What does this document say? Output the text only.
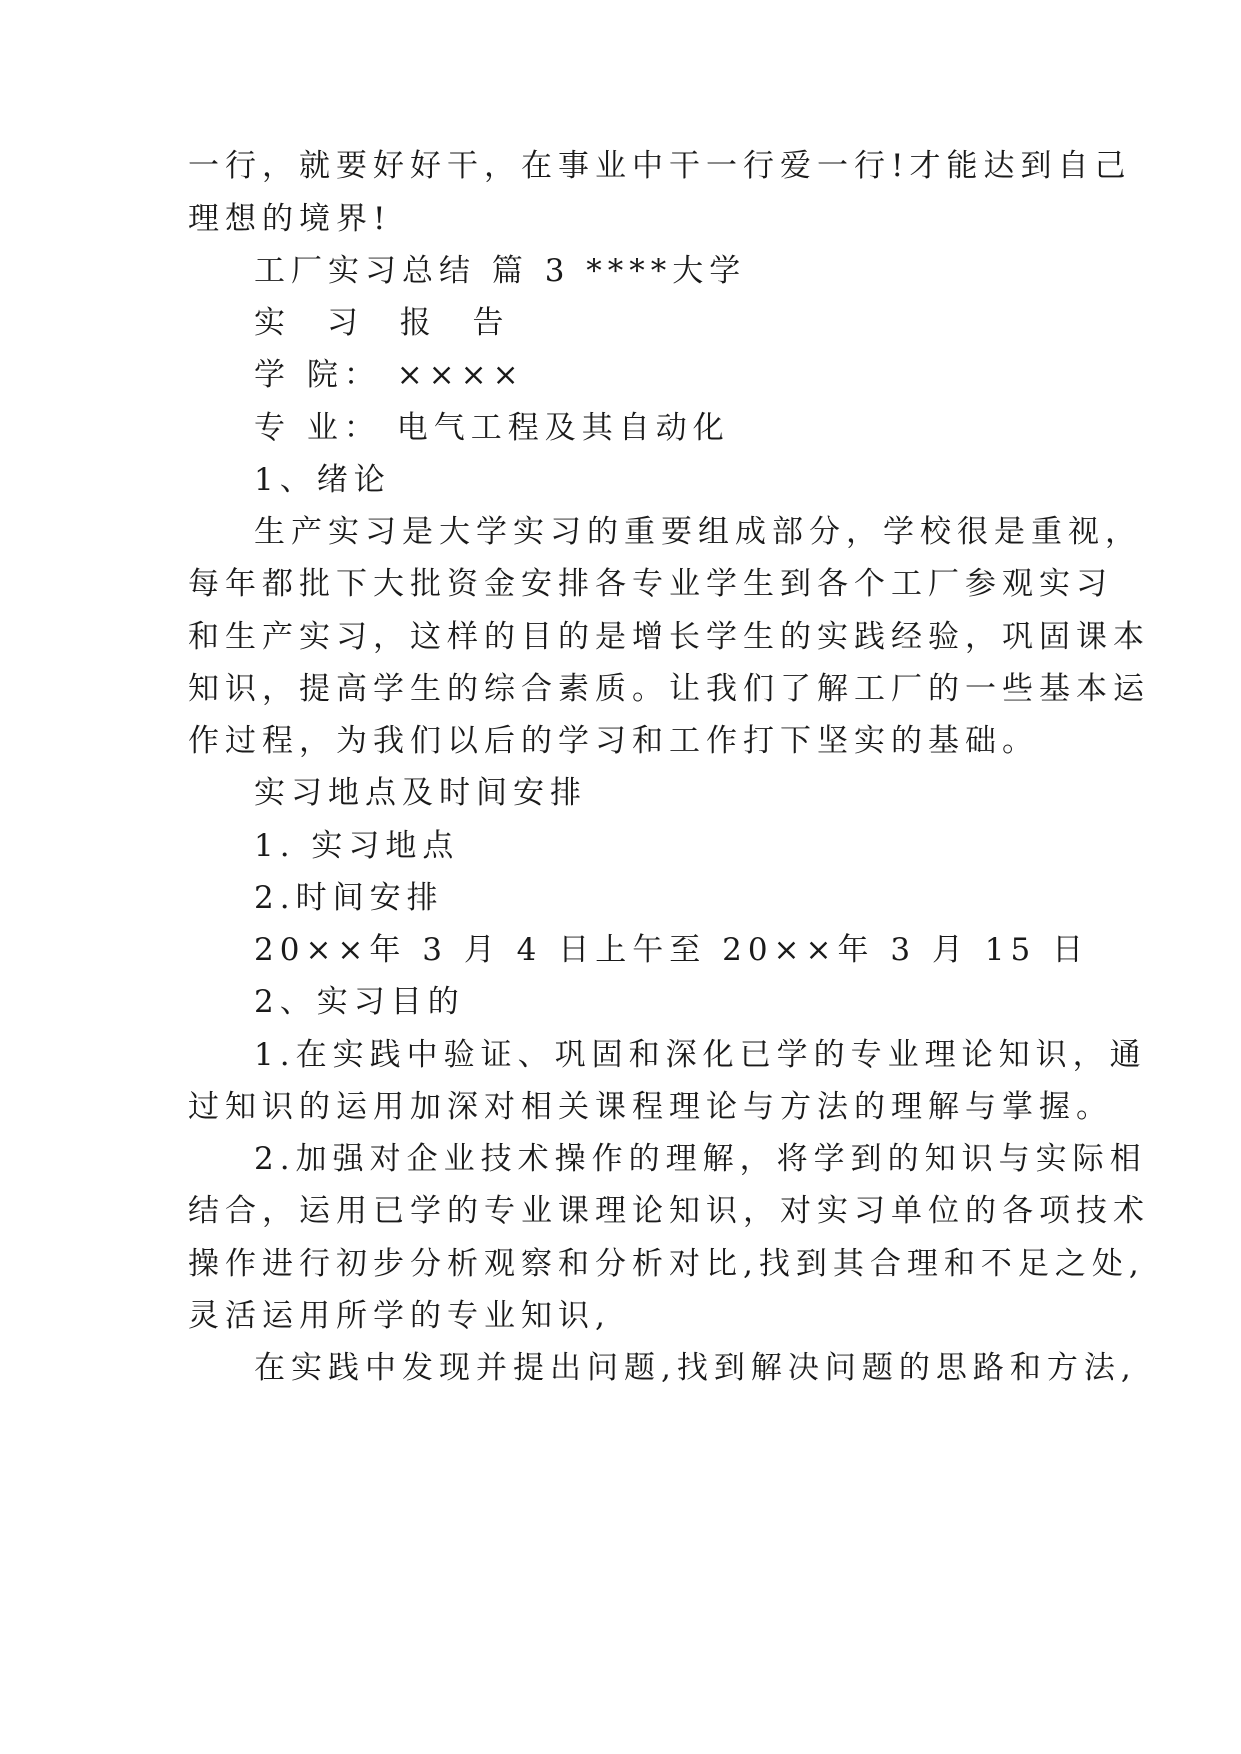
一行，就要好好干，在事业中干一行爱一行!才能达到自己
理想的境界!
工厂实习总结 篇 3 ****大学
实 习 报 告
学 院： ××××
专 业： 电气工程及其自动化
1、绪论
生产实习是大学实习的重要组成部分，学校很是重视，
每年都批下大批资金安排各专业学生到各个工厂参观实习
和生产实习，这样的目的是增长学生的实践经验，巩固课本
知识，提高学生的综合素质。让我们了解工厂的一些基本运
作过程，为我们以后的学习和工作打下坚实的基础。
实习地点及时间安排
1. 实习地点
2.时间安排
20××年 3 月 4 日上午至 20××年 3 月 15 日
2、实习目的
1.在实践中验证、巩固和深化已学的专业理论知识，通
过知识的运用加深对相关课程理论与方法的理解与掌握。
2.加强对企业技术操作的理解，将学到的知识与实际相
结合，运用已学的专业课理论知识，对实习单位的各项技术
操作进行初步分析观察和分析对比,找到其合理和不足之处,
灵活运用所学的专业知识,
在实践中发现并提出问题,找到解决问题的思路和方法,
